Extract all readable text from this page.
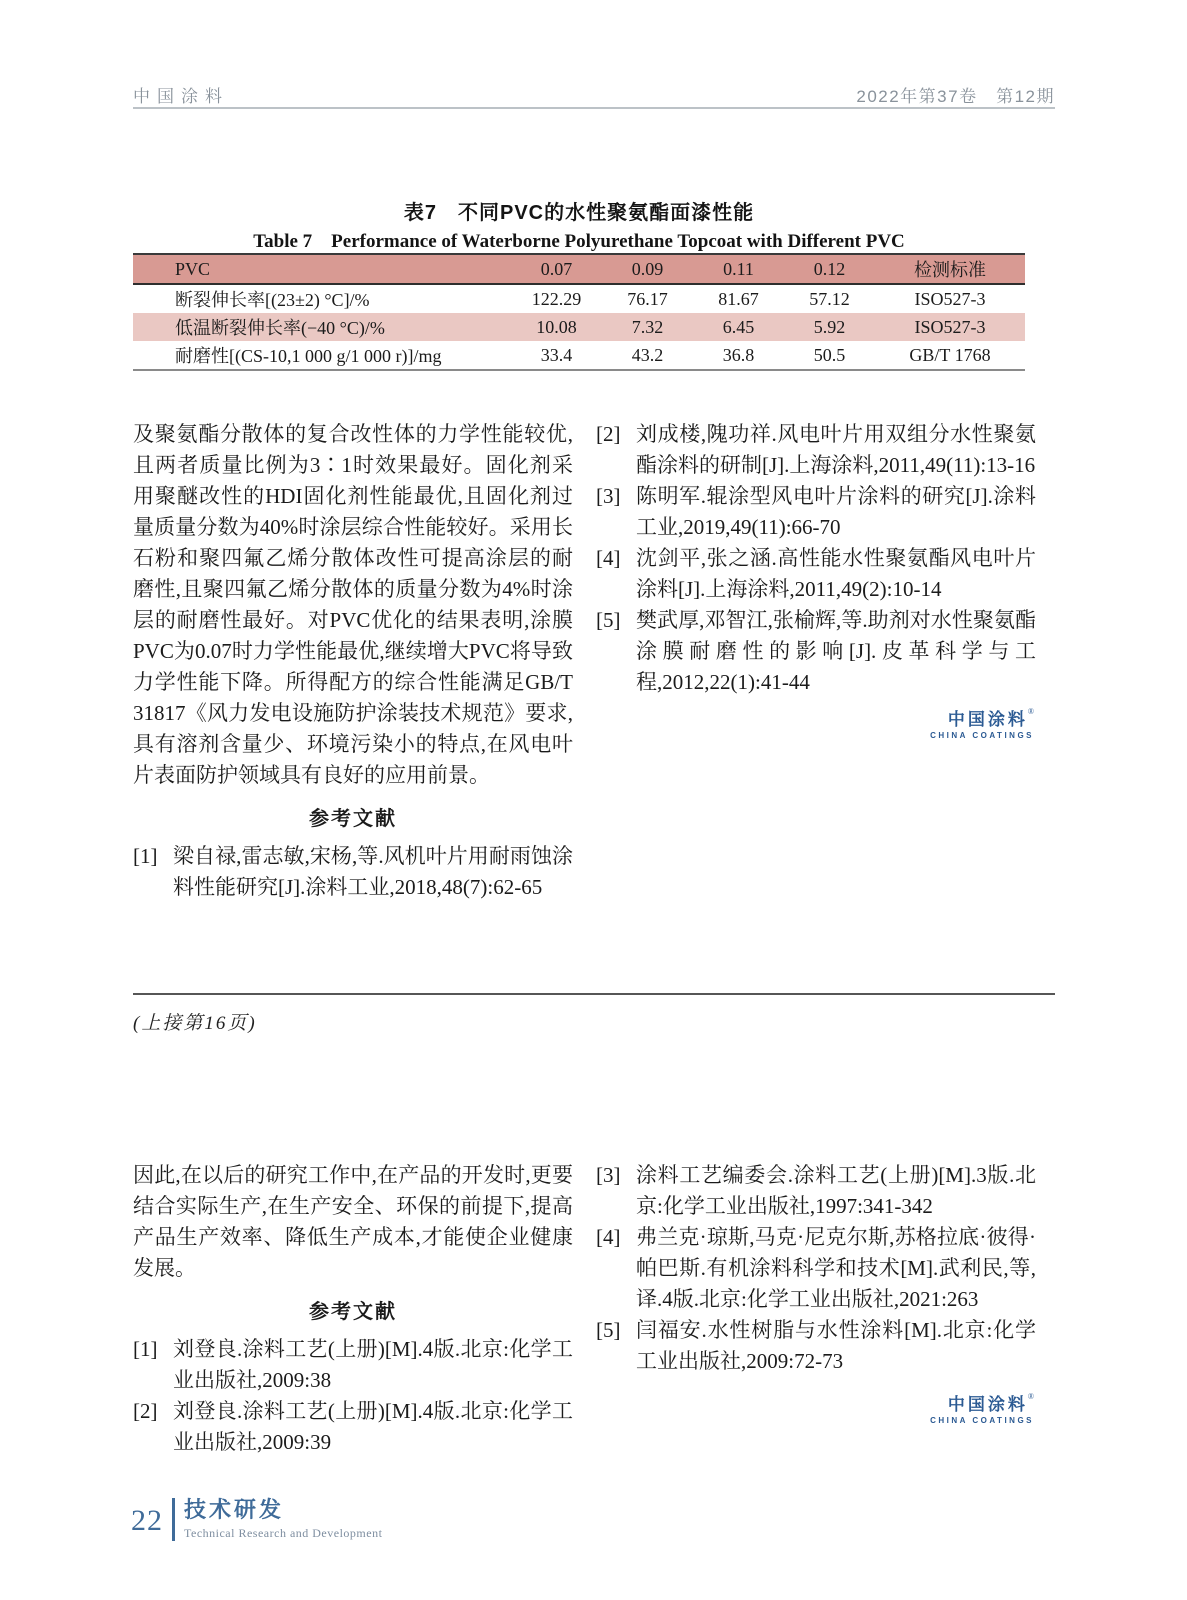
中国涂料	2022年第37卷　第12期
表7　不同PVC的水性聚氨酯面漆性能
Table 7　Performance of Waterborne Polyurethane Topcoat with Different PVC
PVC	0.07	0.09	0.11	0.12	检测标准
断裂伸长率[(23±2) °C]/%	122.29	76.17	81.67	57.12	ISO527-3
低温断裂伸长率(−40 °C)/%	10.08	7.32	6.45	5.92	ISO527-3
耐磨性[(CS-10,1 000 g/1 000 r)]/mg	33.4	43.2	36.8	50.5	GB/T 1768
及聚氨酯分散体的复合改性体的力学性能较优,且两者质量比例为3∶1时效果最好。固化剂采用聚醚改性的HDI固化剂性能最优,且固化剂过量质量分数为40%时涂层综合性能较好。采用长石粉和聚四氟乙烯分散体改性可提高涂层的耐磨性,且聚四氟乙烯分散体的质量分数为4%时涂层的耐磨性最好。对PVC优化的结果表明,涂膜PVC为0.07时力学性能最优,继续增大PVC将导致力学性能下降。所得配方的综合性能满足GB/T 31817《风力发电设施防护涂装技术规范》要求,具有溶剂含量少、环境污染小的特点,在风电叶片表面防护领域具有良好的应用前景。
参考文献
[1] 梁自禄,雷志敏,宋杨,等.风机叶片用耐雨蚀涂料性能研究[J].涂料工业,2018,48(7):62-65
[2] 刘成楼,隗功祥.风电叶片用双组分水性聚氨酯涂料的研制[J].上海涂料,2011,49(11):13-16
[3] 陈明军.辊涂型风电叶片涂料的研究[J].涂料工业,2019,49(11):66-70
[4] 沈剑平,张之涵.高性能水性聚氨酯风电叶片涂料[J].上海涂料,2011,49(2):10-14
[5] 樊武厚,邓智江,张榆辉,等.助剂对水性聚氨酯涂膜耐磨性的影响[J].皮革科学与工程,2012,22(1):41-44
中国涂料®
CHINA COATINGS
(上接第16页)
因此,在以后的研究工作中,在产品的开发时,更要结合实际生产,在生产安全、环保的前提下,提高产品生产效率、降低生产成本,才能使企业健康发展。
参考文献
[1] 刘登良.涂料工艺(上册)[M].4版.北京:化学工业出版社,2009:38
[2] 刘登良.涂料工艺(上册)[M].4版.北京:化学工业出版社,2009:39
[3] 涂料工艺编委会.涂料工艺(上册)[M].3版.北京:化学工业出版社,1997:341-342
[4] 弗兰克·琼斯,马克·尼克尔斯,苏格拉底·彼得·帕巴斯.有机涂料科学和技术[M].武利民,等,译.4版.北京:化学工业出版社,2021:263
[5] 闫福安.水性树脂与水性涂料[M].北京:化学工业出版社,2009:72-73
中国涂料®
CHINA COATINGS
22 技术研发
Technical Research and Development
